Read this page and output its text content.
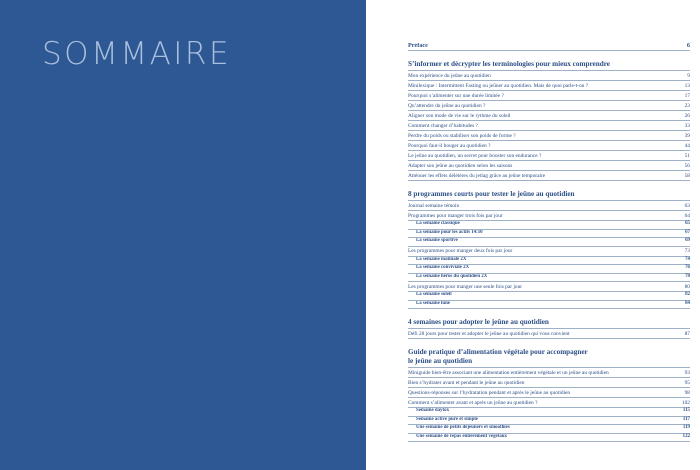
SOMMAIRE	Préface	6
S’informer et décrypter les terminologies pour mieux comprendre
Mon expérience du jeûne au quotidien	9
Minilexique : Intermittent Fasting ou jeûner au quotidien. Mais de quoi parle-t-on ?	13
Pourquoi s’alimenter sur une durée limitée ?	17
Qu’attendre du jeûne au quotidien ?	23
Aligner son mode de vie sur le rythme du soleil	26
Comment changer d’habitudes ?	33
Perdre du poids ou stabiliser son poids de forme ?	39
Pourquoi faut-il bouger au quotidien ?	44
Le jeûne au quotidien, un secret pour booster son endurance ?	51
Adapter son jeûne au quotidien selon les saisons	56
Atténuer les effets délétères du jetlag grâce au jeûne temporaire	58
8 programmes courts pour tester le jeûne au quotidien
Journal semaine témoin	63
Programmes pour manger trois fois par jour	64
La semaine classique	65
La semaine pour les actifs 14:10	67
La semaine sportive	69
Les programmes pour manger deux fois par jour	73
La semaine matinale 2X	74
La semaine conviviale 2X	76
La semaine héros du quotidien 2X	78
Les programmes pour manger une seule fois par jour	80
La semaine soleil	82
La semaine lune	84
4 semaines pour adopter le jeûne au quotidien
Défi 28 jours pour tester et adopter le jeûne au quotidien qui vous convient	87
Guide pratique d’alimentation végétale pour accompagner
le jeûne au quotidien
Miniguide bien-être associant une alimentation entièrement végétale et un jeûne au quotidien	93
Bien s’hydrater avant et pendant le jeûne au quotidien	95
Questions-réponses sur l’hydratation pendant et après le jeûne au quotidien	98
Comment s’alimenter avant et après un jeûne au quotidien ?	102
Semaine daytox	115
Semaine active pure et simple	117
Une semaine de petits déjeuners et smoothies	119
Une semaine de repas entièrement végétaux	122
